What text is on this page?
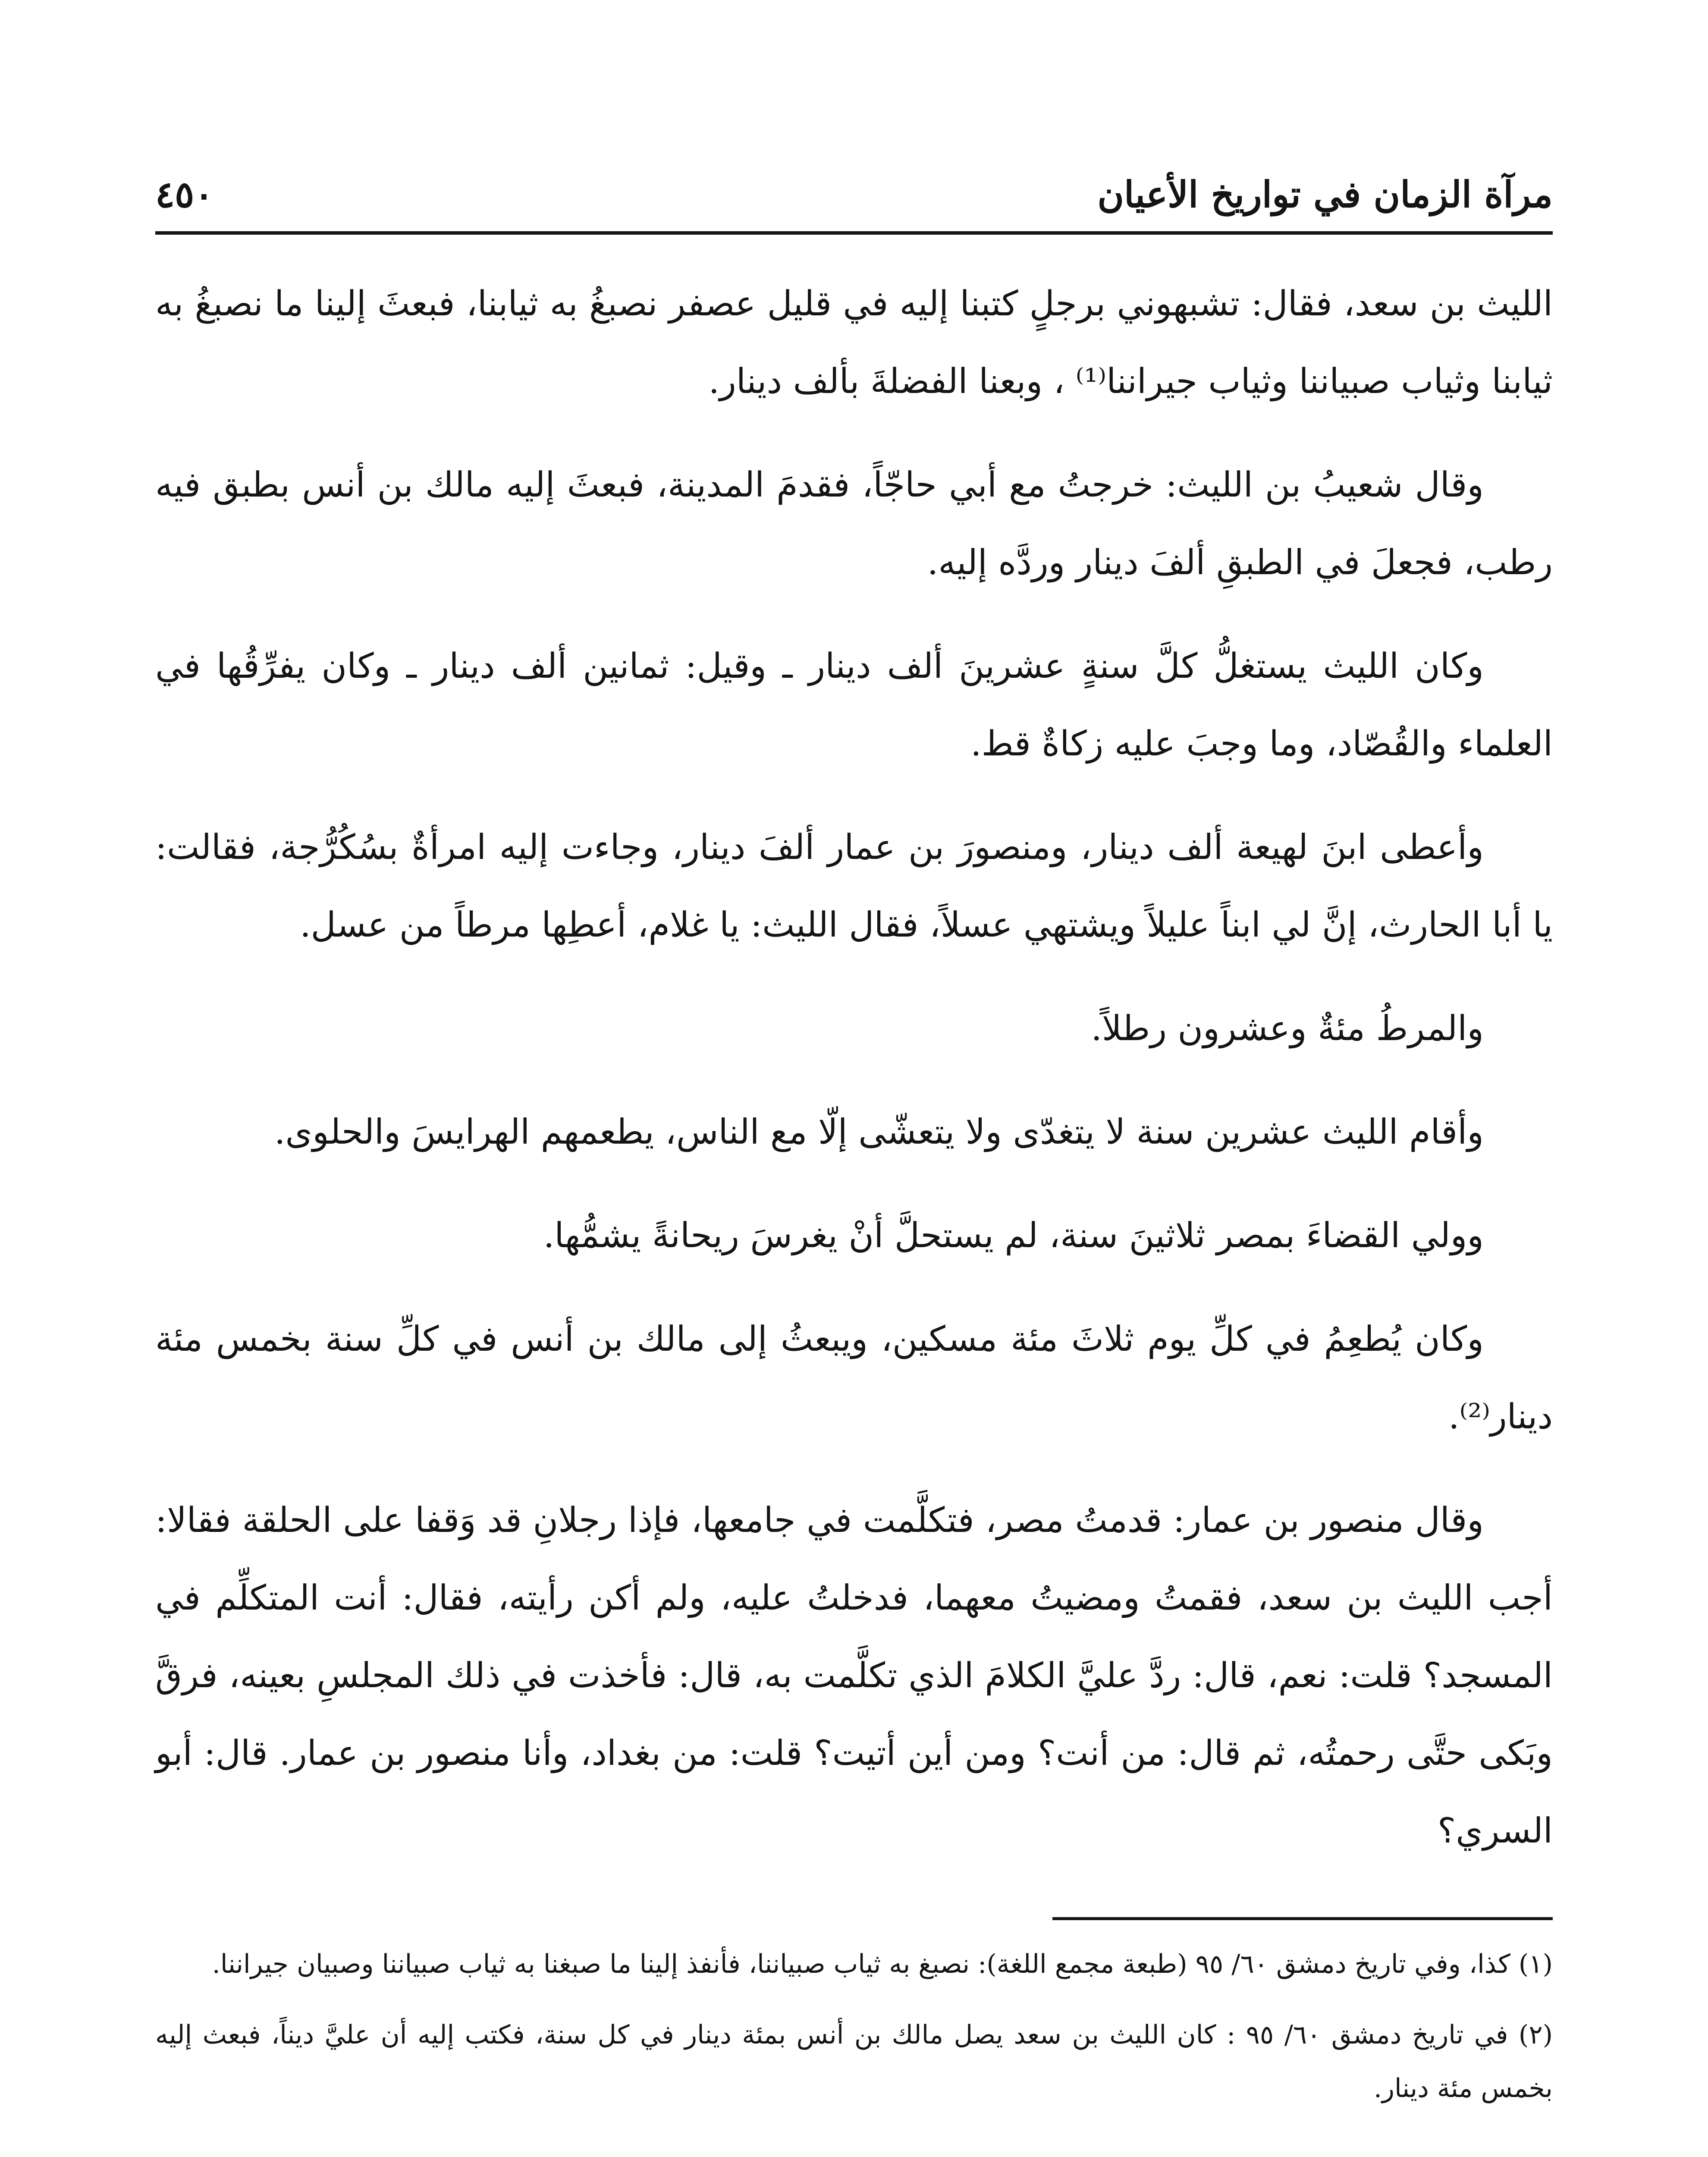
مرآة الزمان في تواريخ الأعيان
٤٥٠

الليث بن سعد، فقال: تشبهوني برجلٍ كتبنا إليه في قليل عصفر نصبغُ به ثيابنا، فبعثَ إلينا ما نصبغُ به ثيابنا وثياب صبياننا وثياب جيراننا⁽¹⁾ ، وبعنا الفضلةَ بألف دينار.

وقال شعيبُ بن الليث: خرجتُ مع أبي حاجّاً، فقدمَ المدينة، فبعثَ إليه مالك بن أنس بطبق فيه رطب، فجعلَ في الطبقِ ألفَ دينار وردَّه إليه.

وكان الليث يستغلُّ كلَّ سنةٍ عشرينَ ألف دينار ـ وقيل: ثمانين ألف دينار ـ وكان يفرِّقُها في العلماء والقُصّاد، وما وجبَ عليه زكاةٌ قط.

وأعطى ابنَ لهيعة ألف دينار، ومنصورَ بن عمار ألفَ دينار، وجاءت إليه امرأةٌ بسُكُرُّجة، فقالت: يا أبا الحارث، إنَّ لي ابناً عليلاً ويشتهي عسلاً، فقال الليث: يا غلام، أعطِها مرطاً من عسل.

والمرطُ مئةٌ وعشرون رطلاً.

وأقام الليث عشرين سنة لا يتغدّى ولا يتعشّى إلّا مع الناس، يطعمهم الهرايسَ والحلوى.

وولي القضاءَ بمصر ثلاثينَ سنة، لم يستحلَّ أنْ يغرسَ ريحانةً يشمُّها.

وكان يُطعِمُ في كلِّ يوم ثلاثَ مئة مسكين، ويبعثُ إلى مالك بن أنس في كلِّ سنة بخمس مئة دينار⁽²⁾.

وقال منصور بن عمار: قدمتُ مصر، فتكلَّمت في جامعها، فإذا رجلانِ قد وَقفا على الحلقة فقالا: أجب الليث بن سعد، فقمتُ ومضيتُ معهما، فدخلتُ عليه، ولم أكن رأيته، فقال: أنت المتكلِّم في المسجد؟ قلت: نعم، قال: ردَّ عليَّ الكلامَ الذي تكلَّمت به، قال: فأخذت في ذلك المجلسِ بعينه، فرقَّ وبَكى حتَّى رحمتُه، ثم قال: من أنت؟ ومن أين أتيت؟ قلت: من بغداد، وأنا منصور بن عمار. قال: أبو السري؟

(١) كذا، وفي تاريخ دمشق ٦٠/ ٩٥ (طبعة مجمع اللغة): نصبغ به ثياب صبياننا، فأنفذ إلينا ما صبغنا به ثياب صبياننا وصبيان جيراننا.

(٢) في تاريخ دمشق ٦٠/ ٩٥ : كان الليث بن سعد يصل مالك بن أنس بمئة دينار في كل سنة، فكتب إليه أن عليَّ ديناً، فبعث إليه بخمس مئة دينار.
